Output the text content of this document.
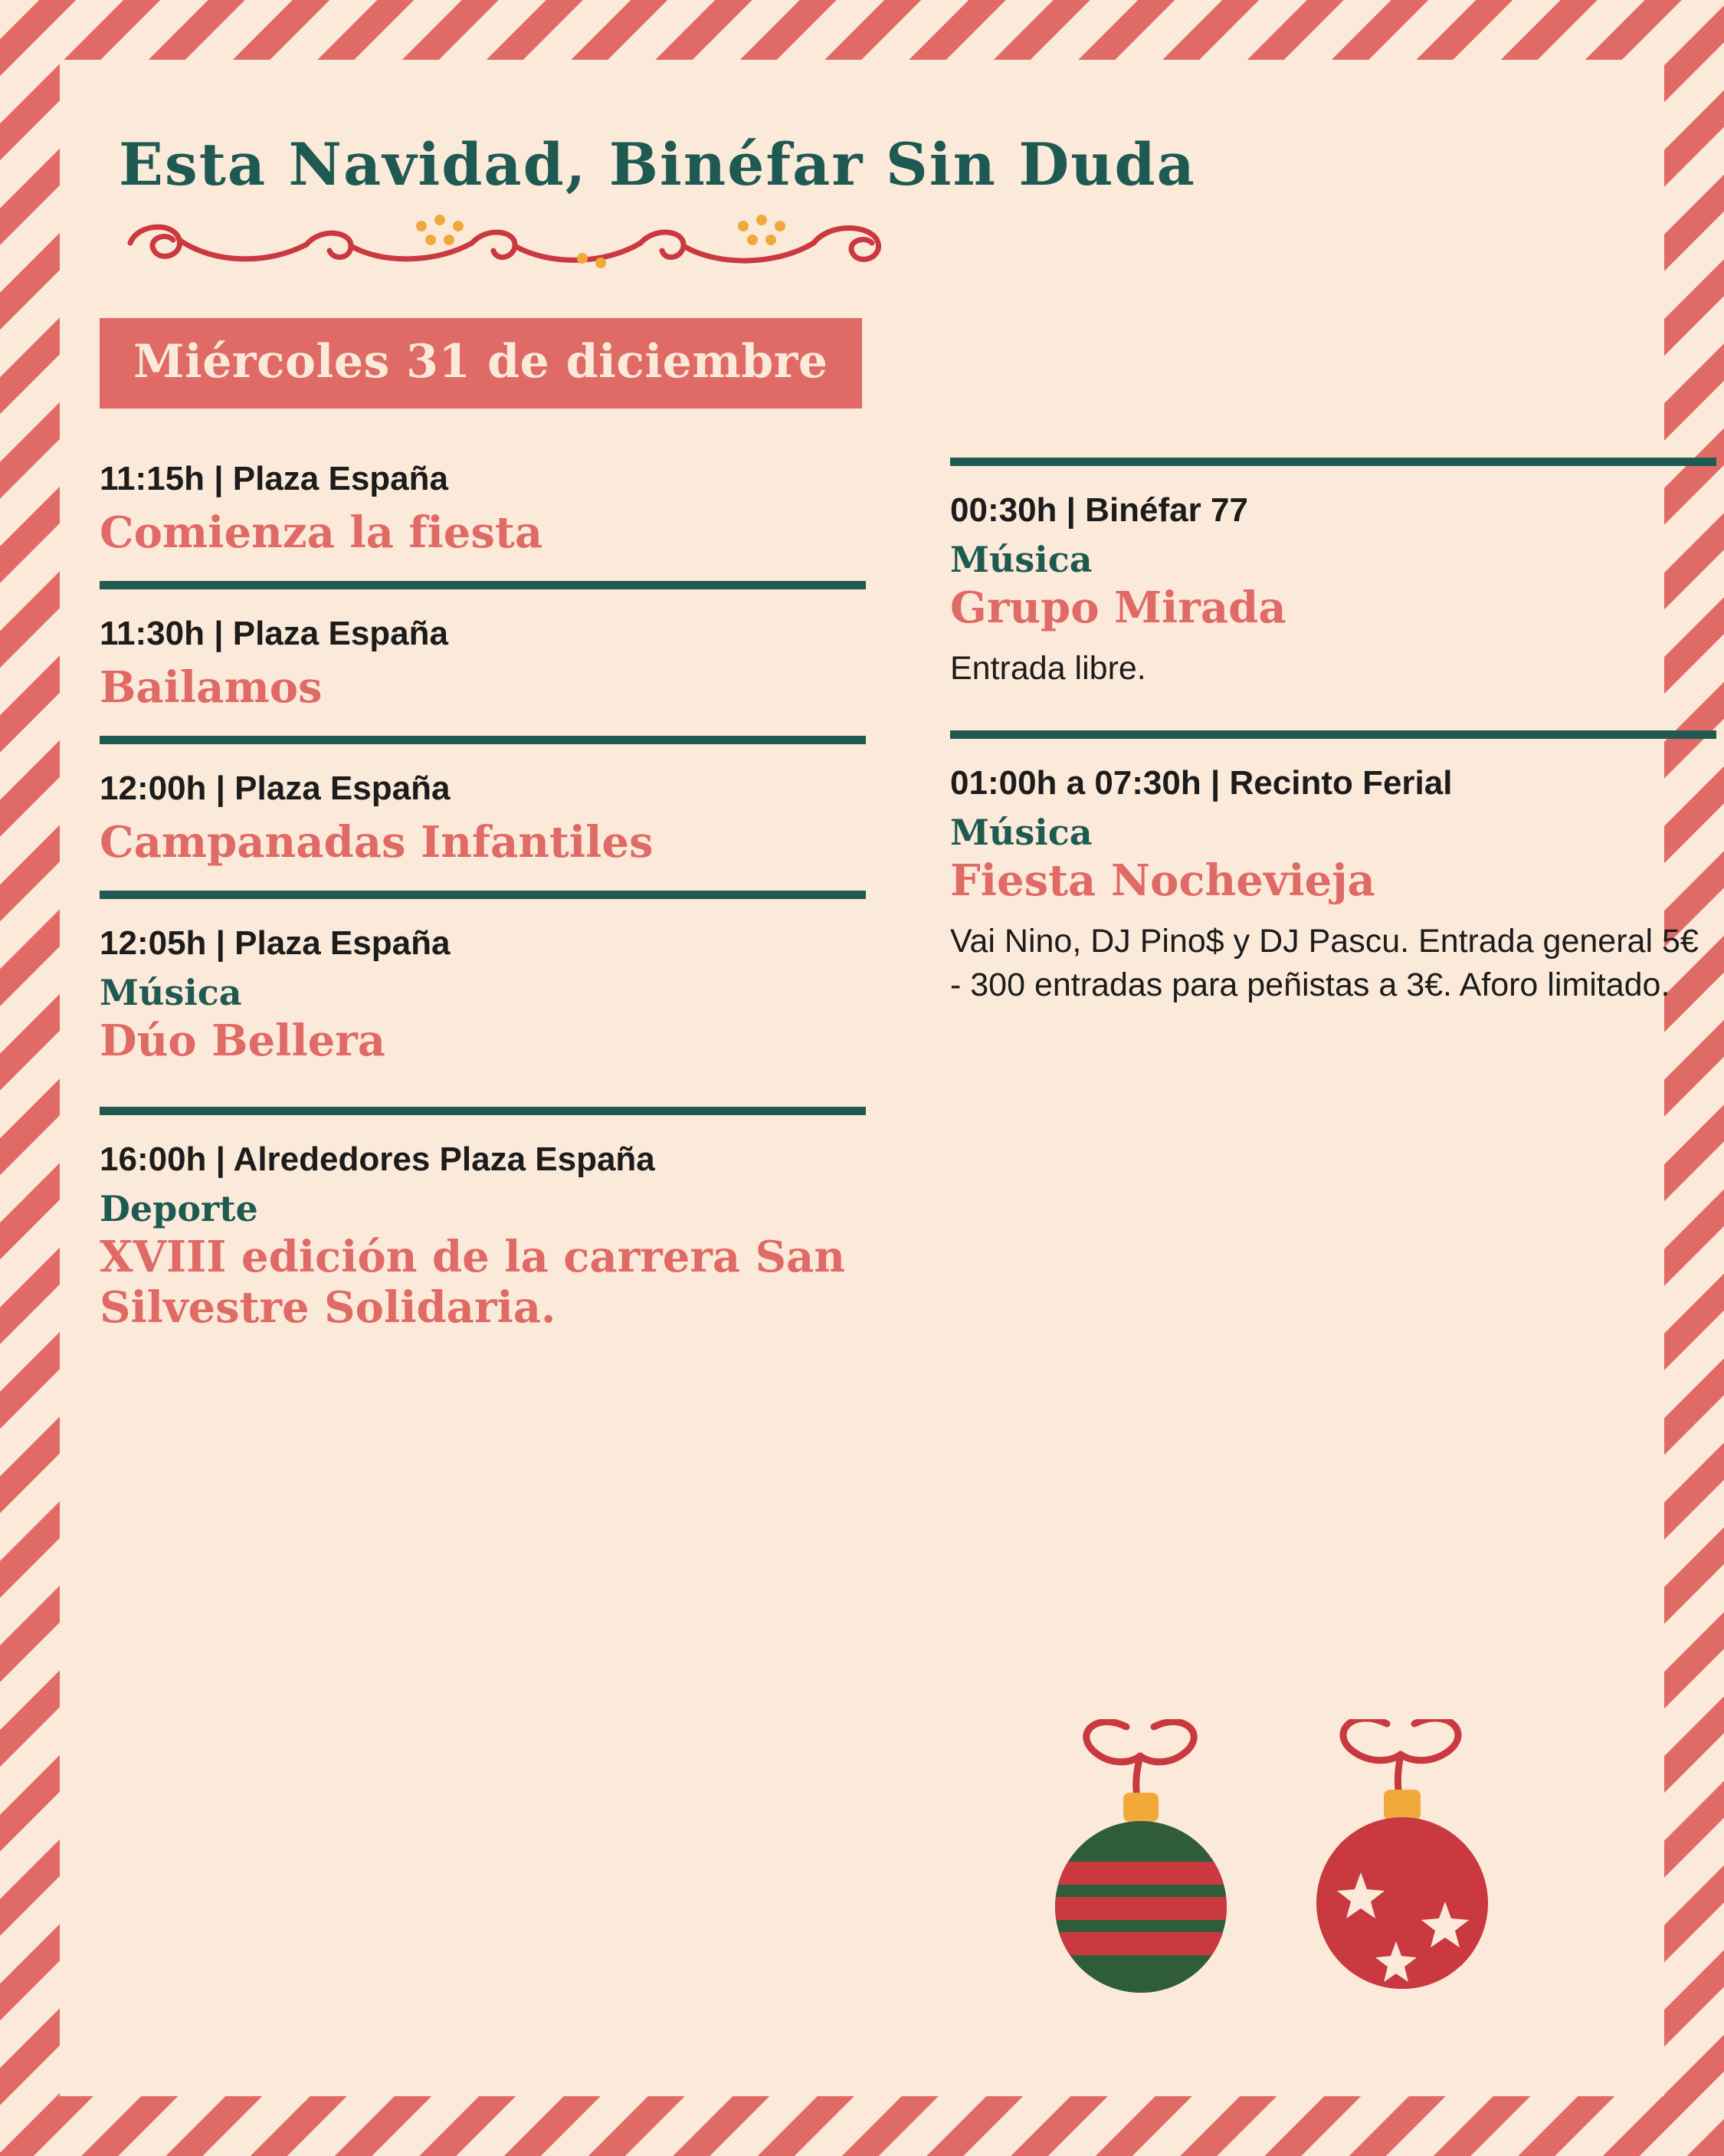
Esta Navidad, Binéfar Sin Duda
Miércoles 31 de diciembre
11:15h | Plaza España
Comienza la fiesta
11:30h | Plaza España
Bailamos
12:00h | Plaza España
Campanadas Infantiles
12:05h | Plaza España
Música
Dúo Bellera
16:00h | Alrededores Plaza España
Deporte
XVIII edición de la carrera San Silvestre Solidaria.
00:30h | Binéfar 77
Música
Grupo Mirada
Entrada libre.
01:00h a 07:30h | Recinto Ferial
Música
Fiesta Nochevieja
Vai Nino, DJ Pino$ y DJ Pascu. Entrada general 5€ - 300 entradas para peñistas a 3€. Aforo limitado.
